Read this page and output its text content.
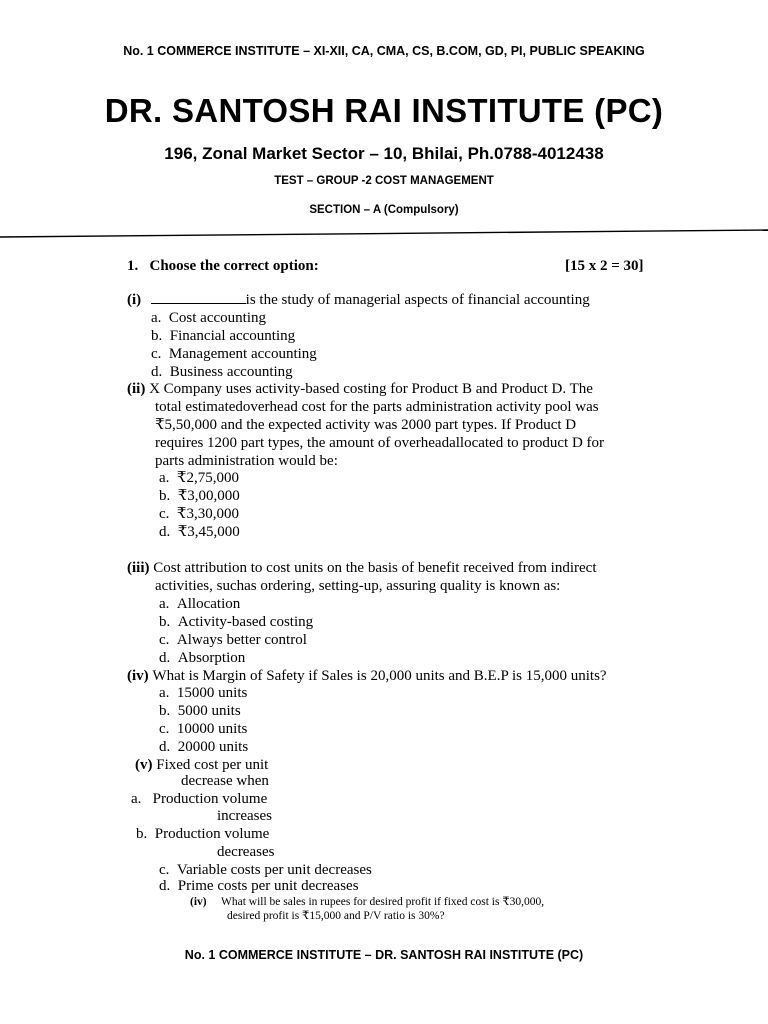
No. 1 COMMERCE INSTITUTE – XI-XII, CA, CMA, CS, B.COM, GD, PI, PUBLIC SPEAKING
DR. SANTOSH RAI INSTITUTE (PC)
196, Zonal Market Sector – 10, Bhilai, Ph.0788-4012438
TEST – GROUP -2 COST MANAGEMENT
SECTION – A (Compulsory)
1. Choose the correct option:	[15 x 2 = 30]
(i)	is the study of managerial aspects of financial accounting
a. Cost accounting
b. Financial accounting
c. Management accounting
d. Business accounting
(ii) X Company uses activity-based costing for Product B and Product D. The
total estimatedoverhead cost for the parts administration activity pool was
₹5,50,000 and the expected activity was 2000 part types. If Product D
requires 1200 part types, the amount of overheadallocated to product D for
parts administration would be:
a. ₹2,75,000
b. ₹3,00,000
c. ₹3,30,000
d. ₹3,45,000
(iii) Cost attribution to cost units on the basis of benefit received from indirect
activities, suchas ordering, setting-up, assuring quality is known as:
a. Allocation
b. Activity-based costing
c. Always better control
d. Absorption
(iv) What is Margin of Safety if Sales is 20,000 units and B.E.P is 15,000 units?
a. 15000 units
b. 5000 units
c. 10000 units
d. 20000 units
(v) Fixed cost per unit
decrease when
a. Production volume
increases
b. Production volume
decreases
c. Variable costs per unit decreases
d. Prime costs per unit decreases
(iv) What will be sales in rupees for desired profit if fixed cost is ₹30,000,
desired profit is ₹15,000 and P/V ratio is 30%?
No. 1 COMMERCE INSTITUTE – DR. SANTOSH RAI INSTITUTE (PC)
